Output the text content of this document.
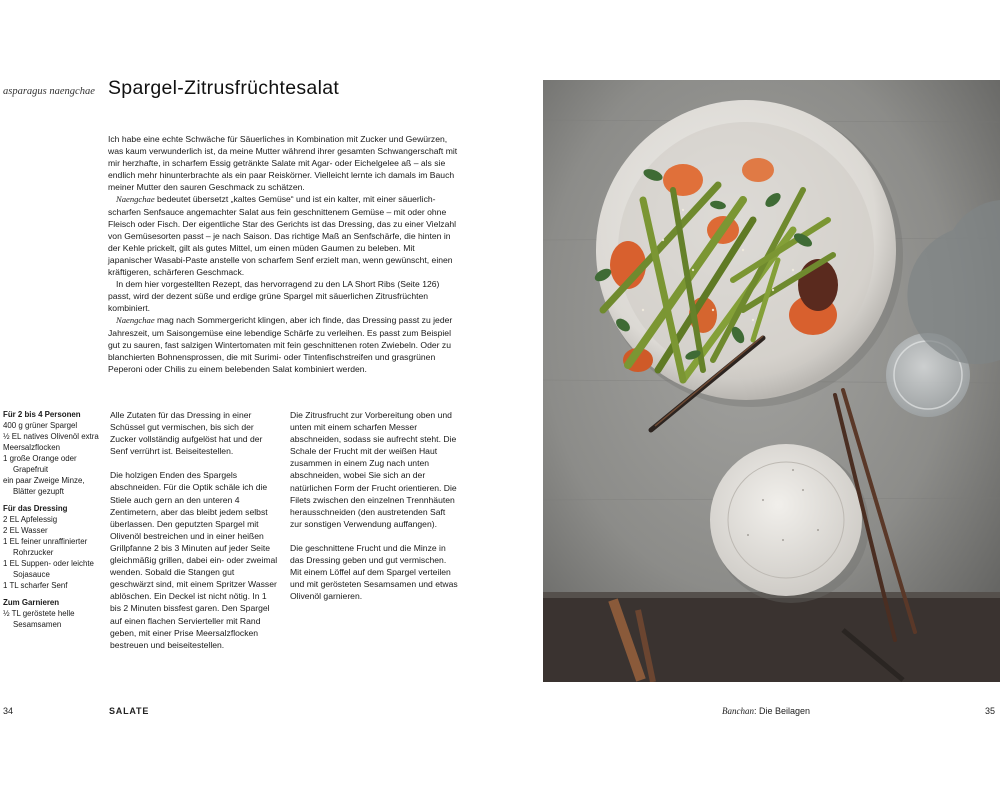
asparagus naengchae Spargel-Zitrusfrüchtesalat

Ich habe eine echte Schwäche für Säuerliches in Kombination mit Zucker und Gewürzen, was kaum verwunderlich ist, da meine Mutter während ihrer gesamten Schwangerschaft mit mir herzhafte, in scharfem Essig getränkte Salate mit Agar- oder Eichelgelee aß – als sie endlich mehr hinunterbrachte als ein paar Reiskörner. Vielleicht lernte ich damals im Bauch meiner Mutter den sauren Geschmack zu schätzen.

Naengchae bedeutet übersetzt „kaltes Gemüse“ und ist ein kalter, mit einer säuerlich-scharfen Senfsauce angemachter Salat aus fein geschnittenem Gemüse – mit oder ohne Fleisch oder Fisch. Der eigentliche Star des Gerichts ist das Dressing, das zu einer Vielzahl von Gemüsesorten passt – je nach Saison. Das richtige Maß an Senfschärfe, die hinten in der Kehle prickelt, gilt als gutes Mittel, um einen müden Gaumen zu beleben. Mit japanischer Wasabi-Paste anstelle von scharfem Senf erzielt man, wenn gewünscht, einen kräftigeren, schärferen Geschmack.

In dem hier vorgestellten Rezept, das hervorragend zu den LA Short Ribs (Seite 126) passt, wird der dezent süße und erdige grüne Spargel mit säuerlichen Zitrusfrüchten kombiniert.

Naengchae mag nach Sommergericht klingen, aber ich finde, das Dressing passt zu jeder Jahreszeit, um Saisongemüse eine lebendige Schärfe zu verleihen. Es passt zum Beispiel gut zu sauren, fast salzigen Wintertomaten mit fein geschnittenen roten Zwiebeln. Oder zu blanchierten Bohnensprossen, die mit Surimi- oder Tintenfischstreifen und grasgrünen Peperoni oder Chilis zu einem belebenden Salat kombiniert werden.

Für 2 bis 4 Personen
400 g grüner Spargel
½ EL natives Olivenöl extra
Meersalzflocken
1 große Orange oder Grapefruit
ein paar Zweige Minze, Blätter gezupft
Für das Dressing
2 EL Apfelessig
2 EL Wasser
1 EL feiner unraffinierter Rohrzucker
1 EL Suppen- oder leichte Sojasauce
1 TL scharfer Senf
Zum Garnieren
½ TL geröstete helle Sesamsamen

Alle Zutaten für das Dressing in einer Schüssel gut vermischen, bis sich der Zucker vollständig aufgelöst hat und der Senf verrührt ist. Beiseitestellen.

Die holzigen Enden des Spargels abschneiden. Für die Optik schäle ich die Stiele auch gern an den unteren 4 Zentimetern, aber das bleibt jedem selbst überlassen. Den geputzten Spargel mit Olivenöl bestreichen und in einer heißen Grillpfanne 2 bis 3 Minuten auf jeder Seite gleichmäßig grillen, dabei ein- oder zweimal wenden. Sobald die Stangen gut geschwärzt sind, mit einem Spritzer Wasser ablöschen. Ein Deckel ist nicht nötig. In 1 bis 2 Minuten bissfest garen. Den Spargel auf einen flachen Servierteller mit Rand geben, mit einer Prise Meersalzflocken bestreuen und beiseitestellen.

Die Zitrusfrucht zur Vorbereitung oben und unten mit einem scharfen Messer abschneiden, sodass sie aufrecht steht. Die Schale der Frucht mit der weißen Haut zusammen in einem Zug nach unten abschneiden, wobei Sie sich an der natürlichen Form der Frucht orientieren. Die Filets zwischen den einzelnen Trennhäuten herausschneiden (den austretenden Saft zur sonstigen Verwendung auffangen).

Die geschnittene Frucht und die Minze in das Dressing geben und gut vermischen. Mit einem Löffel auf dem Spargel verteilen und mit gerösteten Sesamsamen und etwas Olivenöl garnieren.

34	SALATE	Banchan: Die Beilagen	35
